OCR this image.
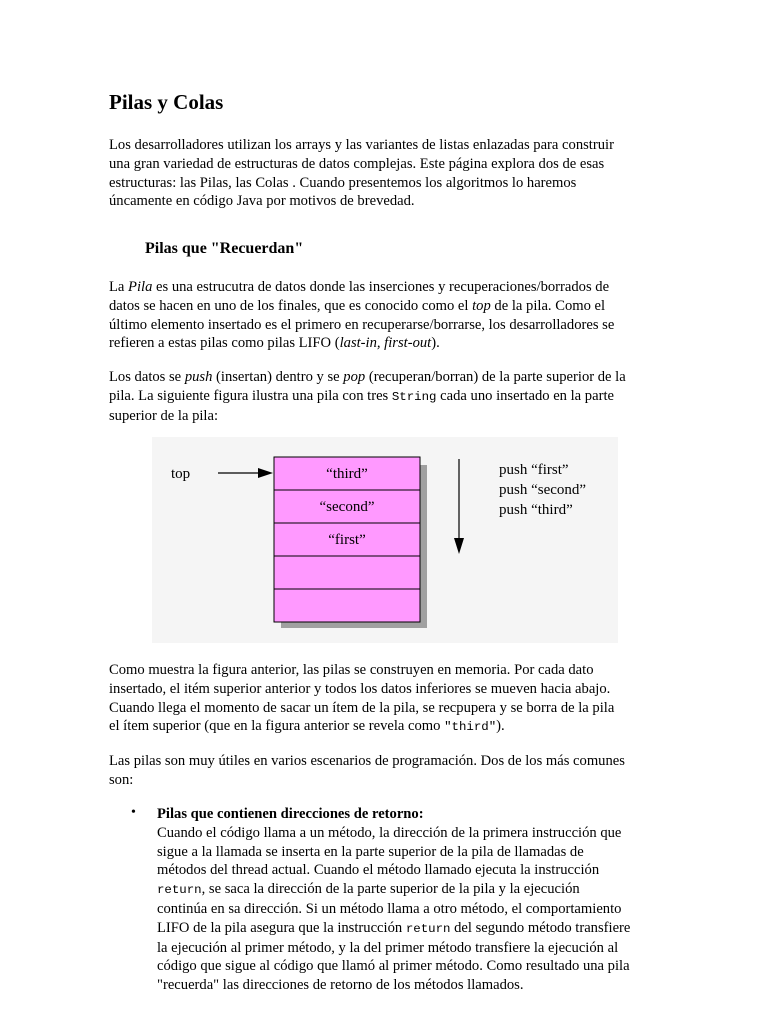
Pilas y Colas
Los desarrolladores utilizan los arrays y las variantes de listas enlazadas para construir
una gran variedad de estructuras de datos complejas. Este página explora dos de esas
estructuras: las Pilas, las Colas . Cuando presentemos los algoritmos lo haremos
úncamente en código Java por motivos de brevedad.
Pilas que "Recuerdan"
La Pila es una estrucutra de datos donde las inserciones y recuperaciones/borrados de
datos se hacen en uno de los finales, que es conocido como el top de la pila. Como el
último elemento insertado es el primero en recuperarse/borrarse, los desarrolladores se
refieren a estas pilas como pilas LIFO (last-in, first-out).
Los datos se push (insertan) dentro y se pop (recuperan/borran) de la parte superior de la
pila. La siguiente figura ilustra una pila con tres String cada uno insertado en la parte
superior de la pila:
Como muestra la figura anterior, las pilas se construyen en memoria. Por cada dato
insertado, el itém superior anterior y todos los datos inferiores se mueven hacia abajo.
Cuando llega el momento de sacar un ítem de la pila, se recpupera y se borra de la pila
el ítem superior (que en la figura anterior se revela como "third").
Las pilas son muy útiles en varios escenarios de programación. Dos de los más comunes
son:
• Pilas que contienen direcciones de retorno:
Cuando el código llama a un método, la dirección de la primera instrucción que
sigue a la llamada se inserta en la parte superior de la pila de llamadas de
métodos del thread actual. Cuando el método llamado ejecuta la instrucción
return, se saca la dirección de la parte superior de la pila y la ejecución
continúa en sa dirección. Si un método llama a otro método, el comportamiento
LIFO de la pila asegura que la instrucción return del segundo método transfiere
la ejecución al primer método, y la del primer método transfiere la ejecución al
código que sigue al código que llamó al primer método. Como resultado una pila
"recuerda" las direcciones de retorno de los métodos llamados.
“third”
“second”
“first”
top	push “first”
push “second”
push “third”
